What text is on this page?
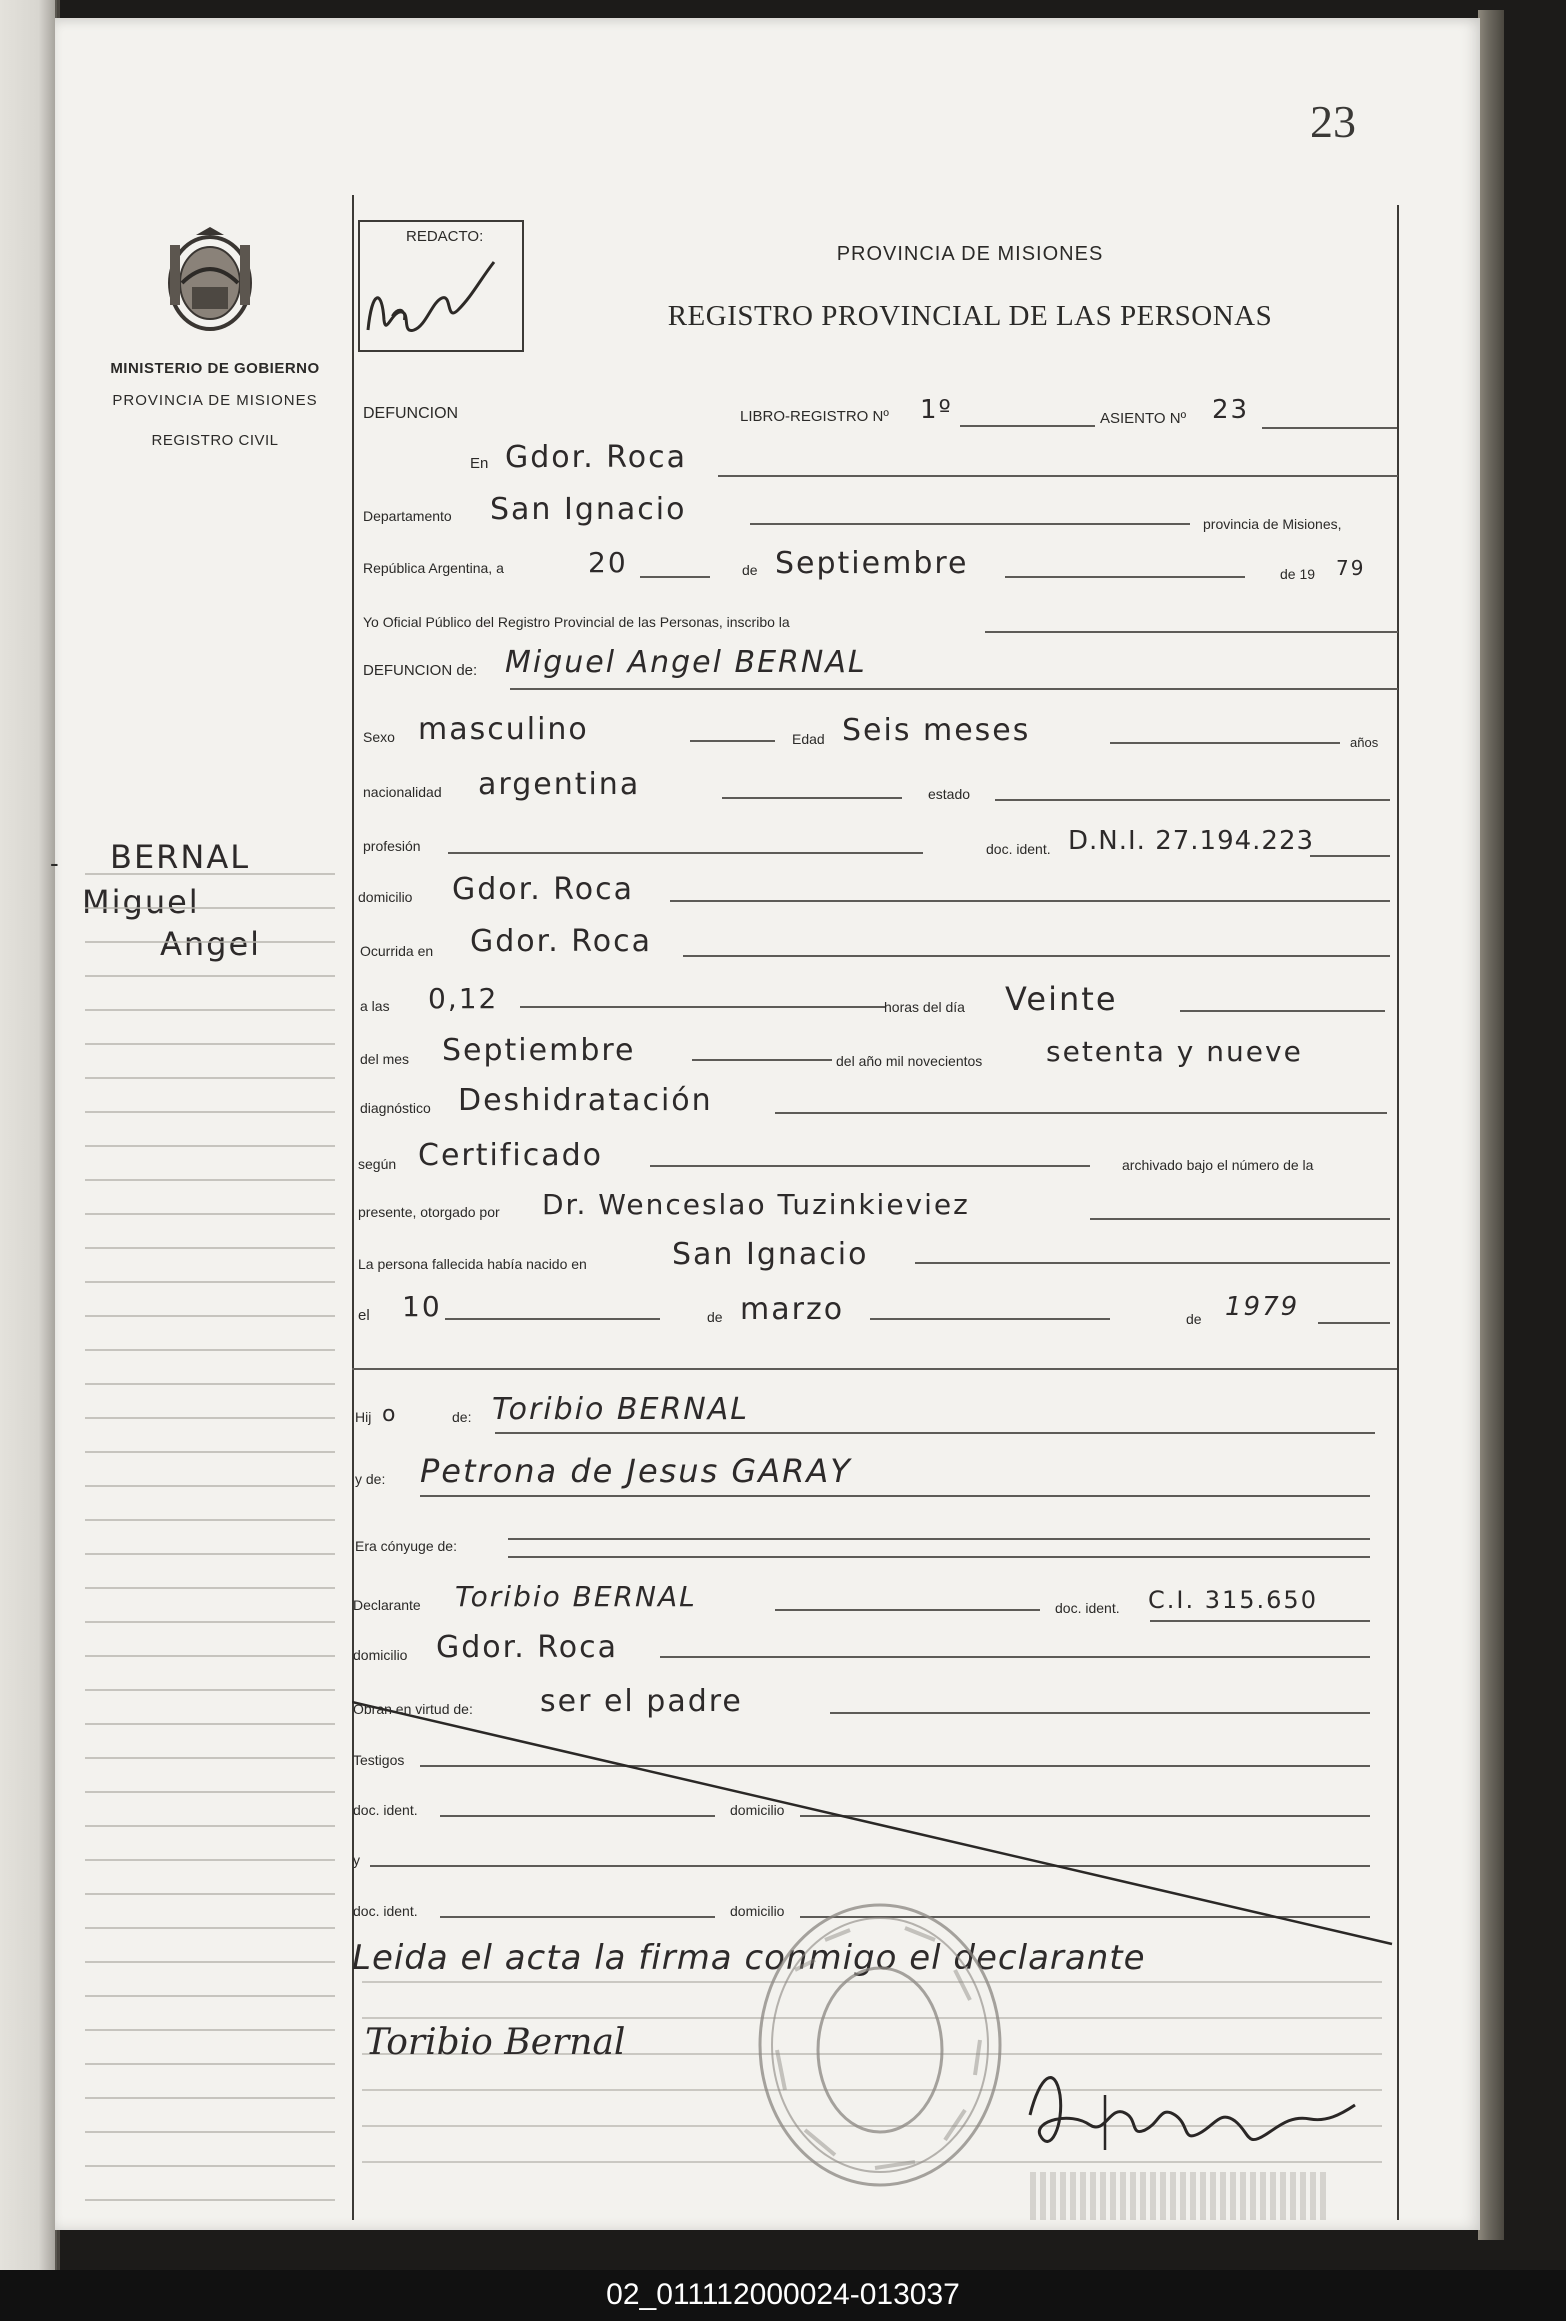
02_011112000024-013037
23
MINISTERIO DE GOBIERNO
PROVINCIA DE MISIONES
REGISTRO CIVIL
- BERNAL
Miguel
Angel
REDACTO:
PROVINCIA DE MISIONES
REGISTRO PROVINCIAL DE LAS PERSONAS
DEFUNCION	LIBRO-REGISTRO Nº 1º	ASIENTO Nº 23
En Gdor. Roca
Departamento San Ignacio	provincia de Misiones,
República Argentina, a	20	de Septiembre	de 19 79
Yo Oficial Público del Registro Provincial de las Personas, inscribo la
DEFUNCION de: Miguel Angel BERNAL
Sexo masculino	Edad Seis meses	años
nacionalidad argentina	estado
profesión	doc. ident. D.N.I. 27.194.223
domicilio Gdor. Roca
Ocurrida en Gdor. Roca
a las 0,12	horas del día Veinte
del mes Septiembre	del año mil novecientos setenta y nueve
diagnóstico Deshidratación
según Certificado	archivado bajo el número de la
presente, otorgado por Dr. Wenceslao Tuzinkieviez
La persona fallecida había nacido en	San Ignacio
el 10	de marzo	de 1979
Hij o	de: Toribio BERNAL
y de: Petrona de Jesus GARAY
Era cónyuge de:
Declarante Toribio BERNAL	doc. ident. C.I. 315.650
domicilio Gdor. Roca
Obran en virtud de: ser el padre
Testigos
doc. ident.	domicilio
y
doc. ident.	domicilio
Leida el acta la firma conmigo el declarante
Toribio Bernal
